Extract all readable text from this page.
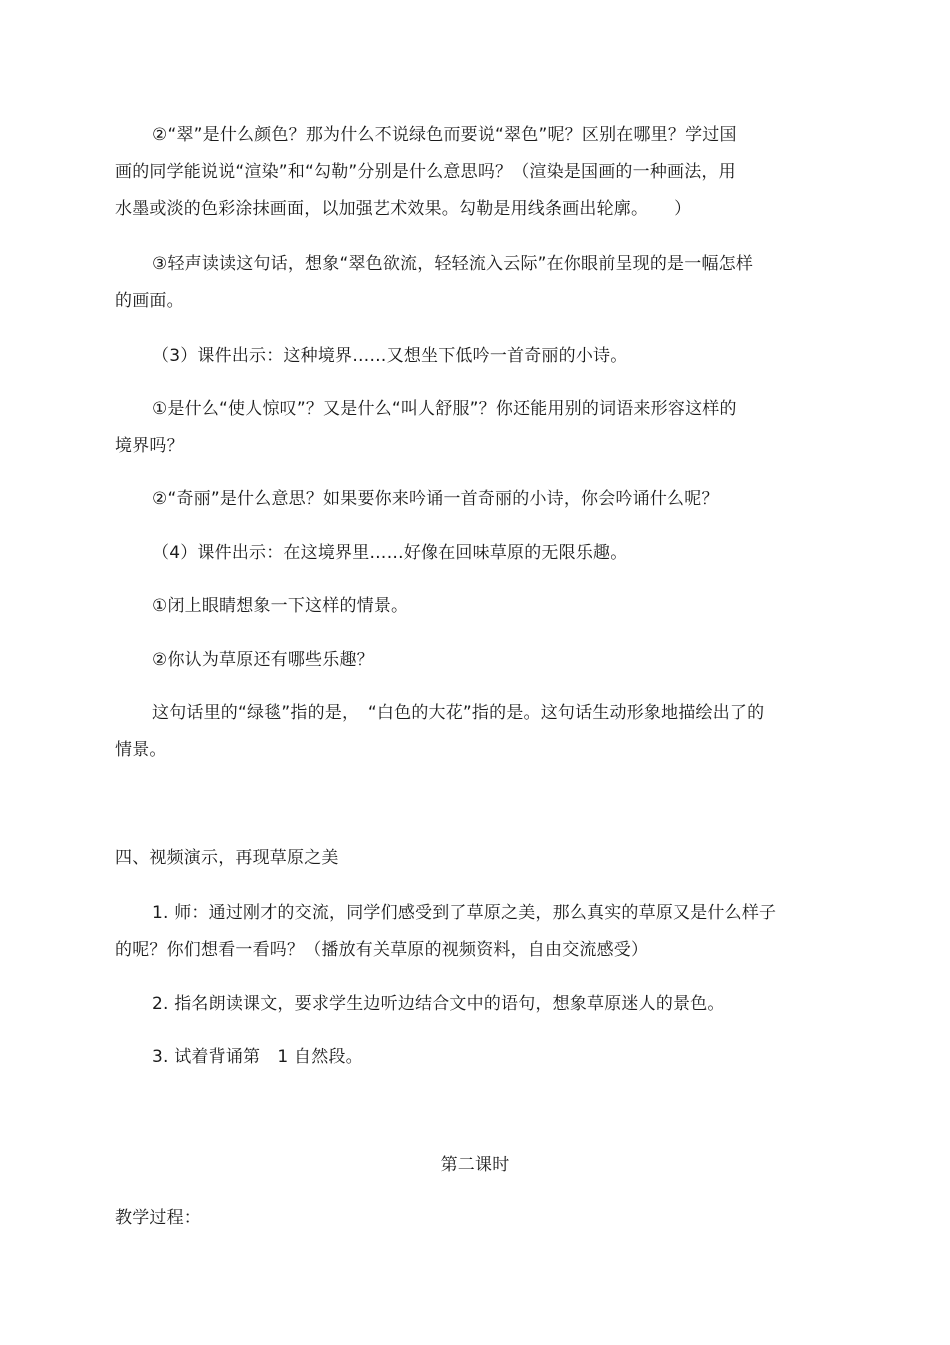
②“翠”是什么颜色？那为什么不说绿色而要说“翠色”呢？区别在哪里？学过国
画的同学能说说“渲染”和“勾勒”分别是什么意思吗？（渲染是国画的一种画法，用
水墨或淡的色彩涂抹画面，以加强艺术效果。勾勒是用线条画出轮廓。　　）
③轻声读读这句话，想象“翠色欲流，轻轻流入云际”在你眼前呈现的是一幅怎样
的画面。
（3）课件出示：这种境界……又想坐下低吟一首奇丽的小诗。
①是什么“使人惊叹”？又是什么“叫人舒服”？你还能用别的词语来形容这样的
境界吗？
②“奇丽”是什么意思？如果要你来吟诵一首奇丽的小诗，你会吟诵什么呢？
（4）课件出示：在这境界里……好像在回味草原的无限乐趣。
①闭上眼睛想象一下这样的情景。
②你认为草原还有哪些乐趣？
这句话里的“绿毯”指的是，　“白色的大花”指的是。这句话生动形象地描绘出了的
情景。
四、视频演示，再现草原之美
1. 师：通过刚才的交流，同学们感受到了草原之美，那么真实的草原又是什么样子
的呢？你们想看一看吗？（播放有关草原的视频资料，自由交流感受）
2. 指名朗读课文，要求学生边听边结合文中的语句，想象草原迷人的景色。
3. 试着背诵第　1 自然段。
第二课时
教学过程：
